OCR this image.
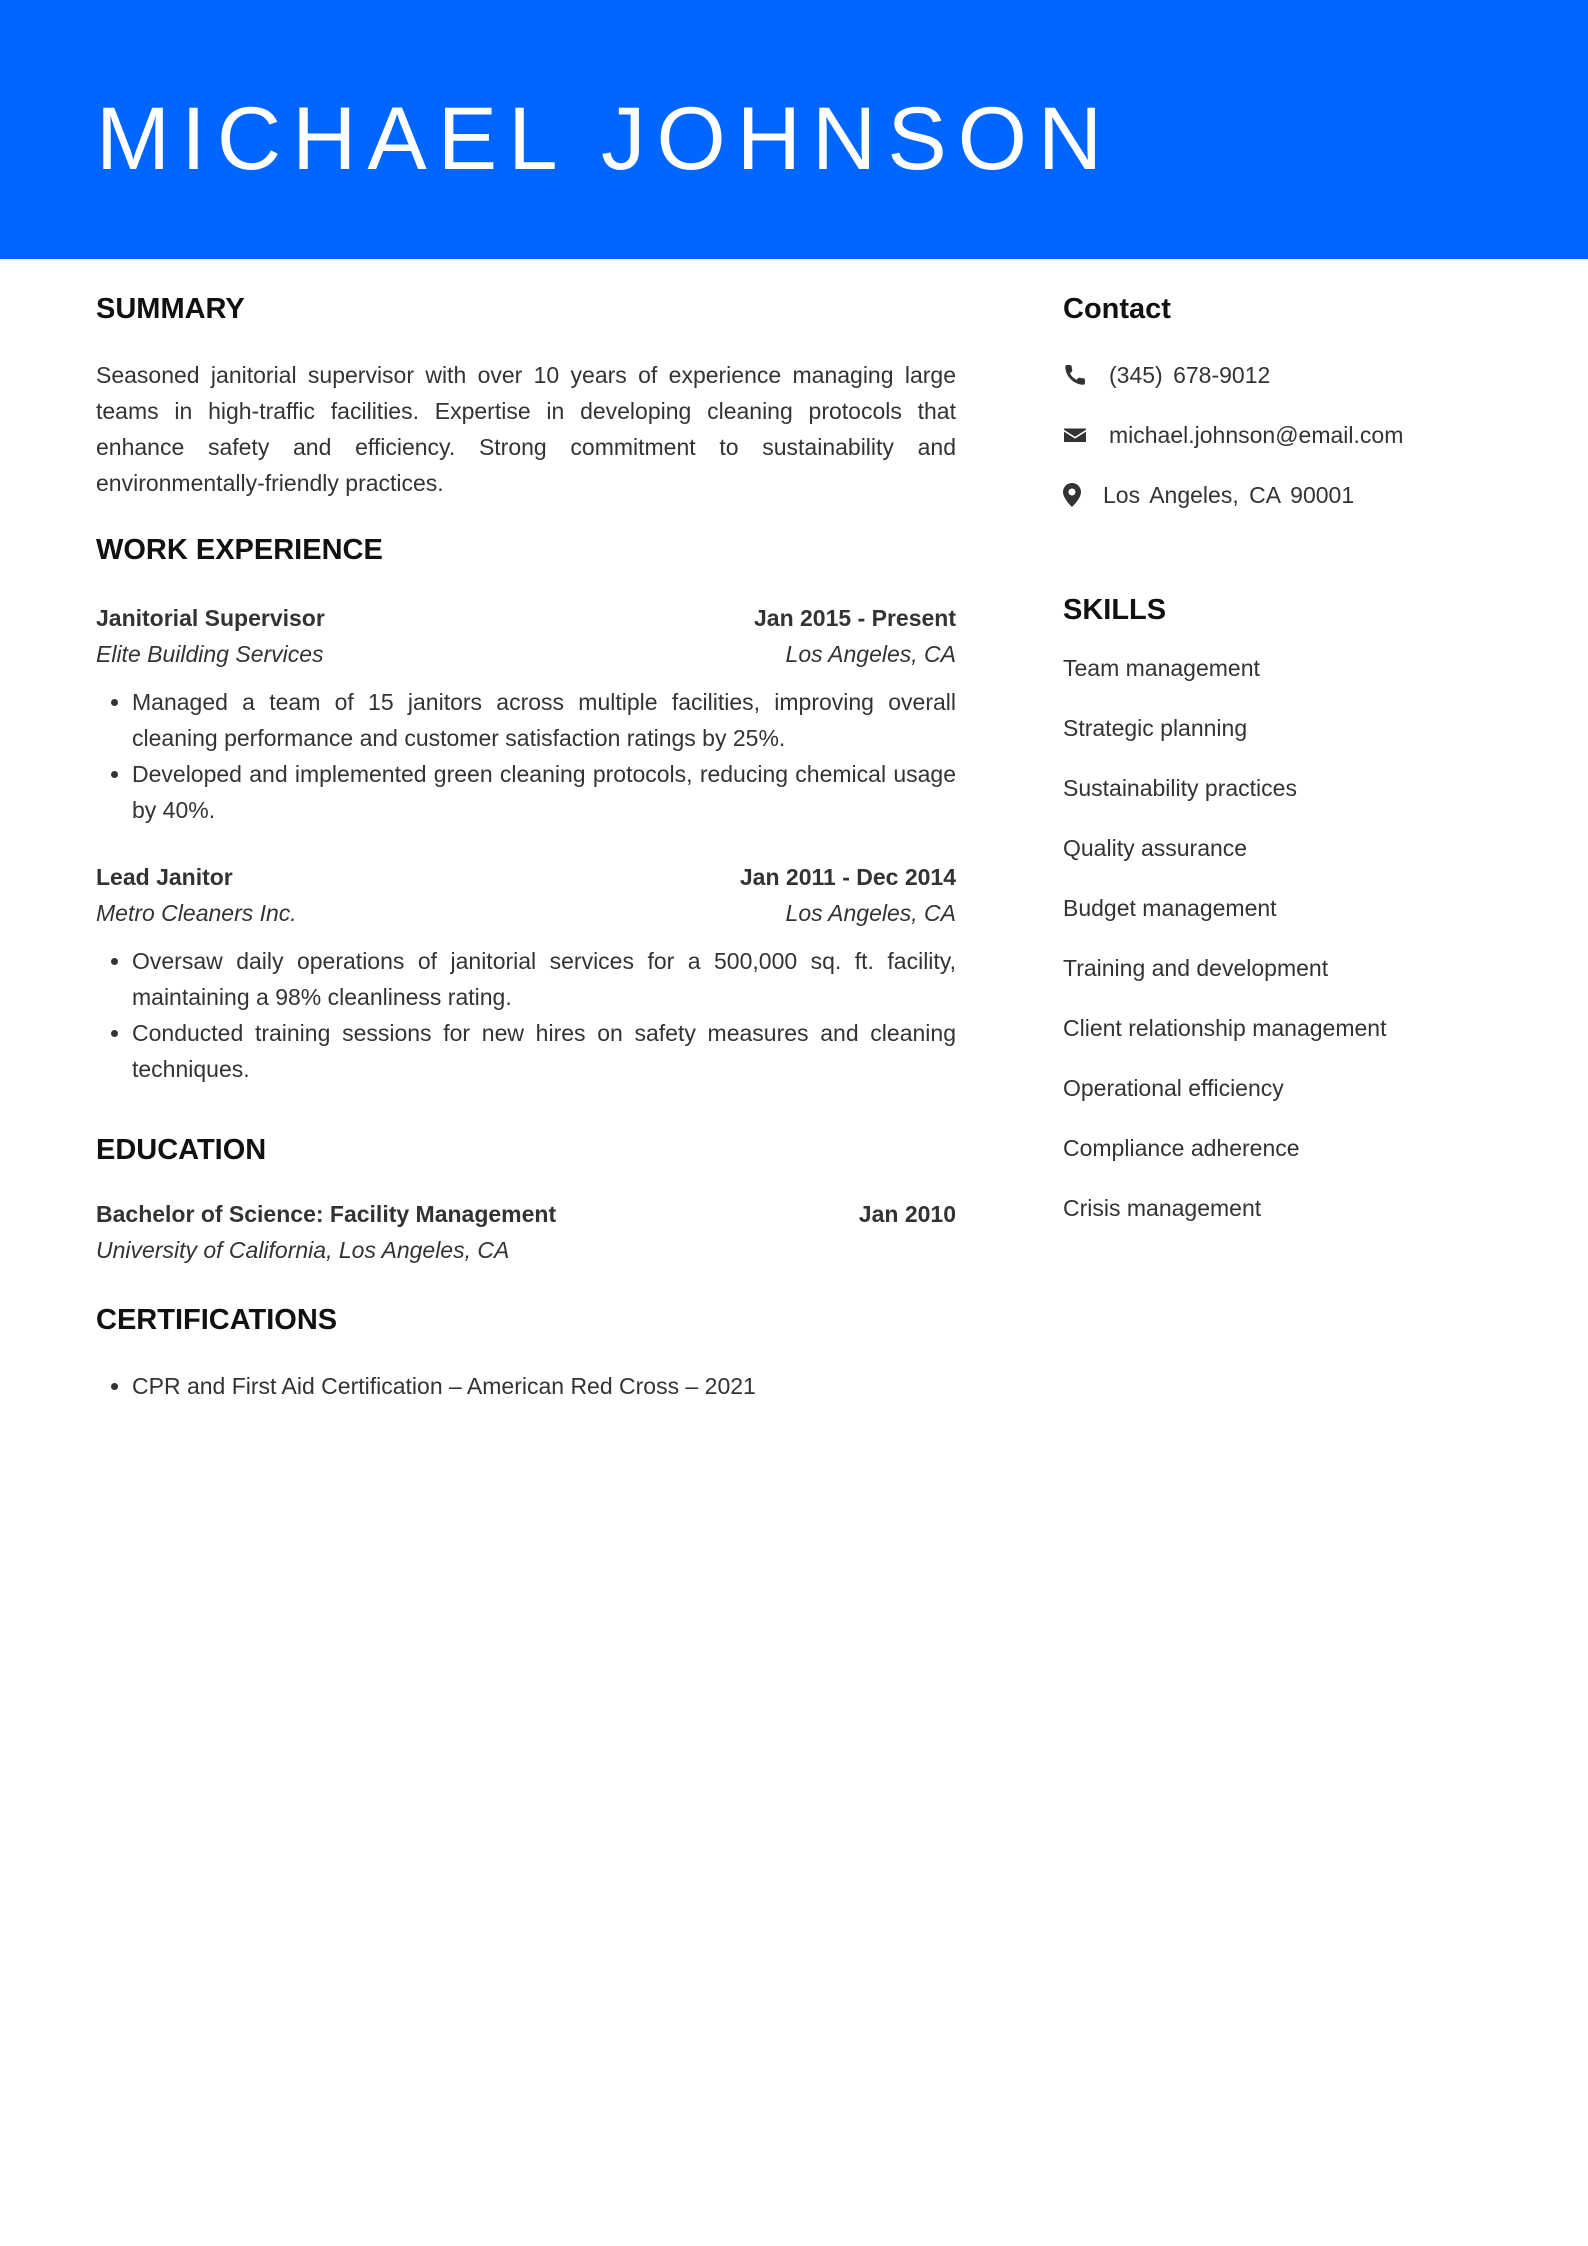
MICHAEL JOHNSON
SUMMARY

Seasoned janitorial supervisor with over 10 years of experience managing large teams in high-traffic facilities. Expertise in developing cleaning protocols that enhance safety and efficiency. Strong commitment to sustainability and environmentally-friendly practices.

WORK EXPERIENCE
Janitorial Supervisor	Jan 2015 - Present
Elite Building Services	Los Angeles, CA
• Managed a team of 15 janitors across multiple facilities, improving overall cleaning performance and customer satisfaction ratings by 25%.
• Developed and implemented green cleaning protocols, reducing chemical usage by 40%.
Lead Janitor	Jan 2011 - Dec 2014
Metro Cleaners Inc.	Los Angeles, CA
• Oversaw daily operations of janitorial services for a 500,000 sq. ft. facility, maintaining a 98% cleanliness rating.
• Conducted training sessions for new hires on safety measures and cleaning techniques.
EDUCATION
Bachelor of Science: Facility Management	Jan 2010
University of California, Los Angeles, CA
CERTIFICATIONS
• CPR and First Aid Certification – American Red Cross – 2021
Contact
(345) 678-9012
michael.johnson@email.com
Los Angeles, CA 90001
SKILLS
Team management
Strategic planning
Sustainability practices
Quality assurance
Budget management
Training and development
Client relationship management
Operational efficiency
Compliance adherence
Crisis management
